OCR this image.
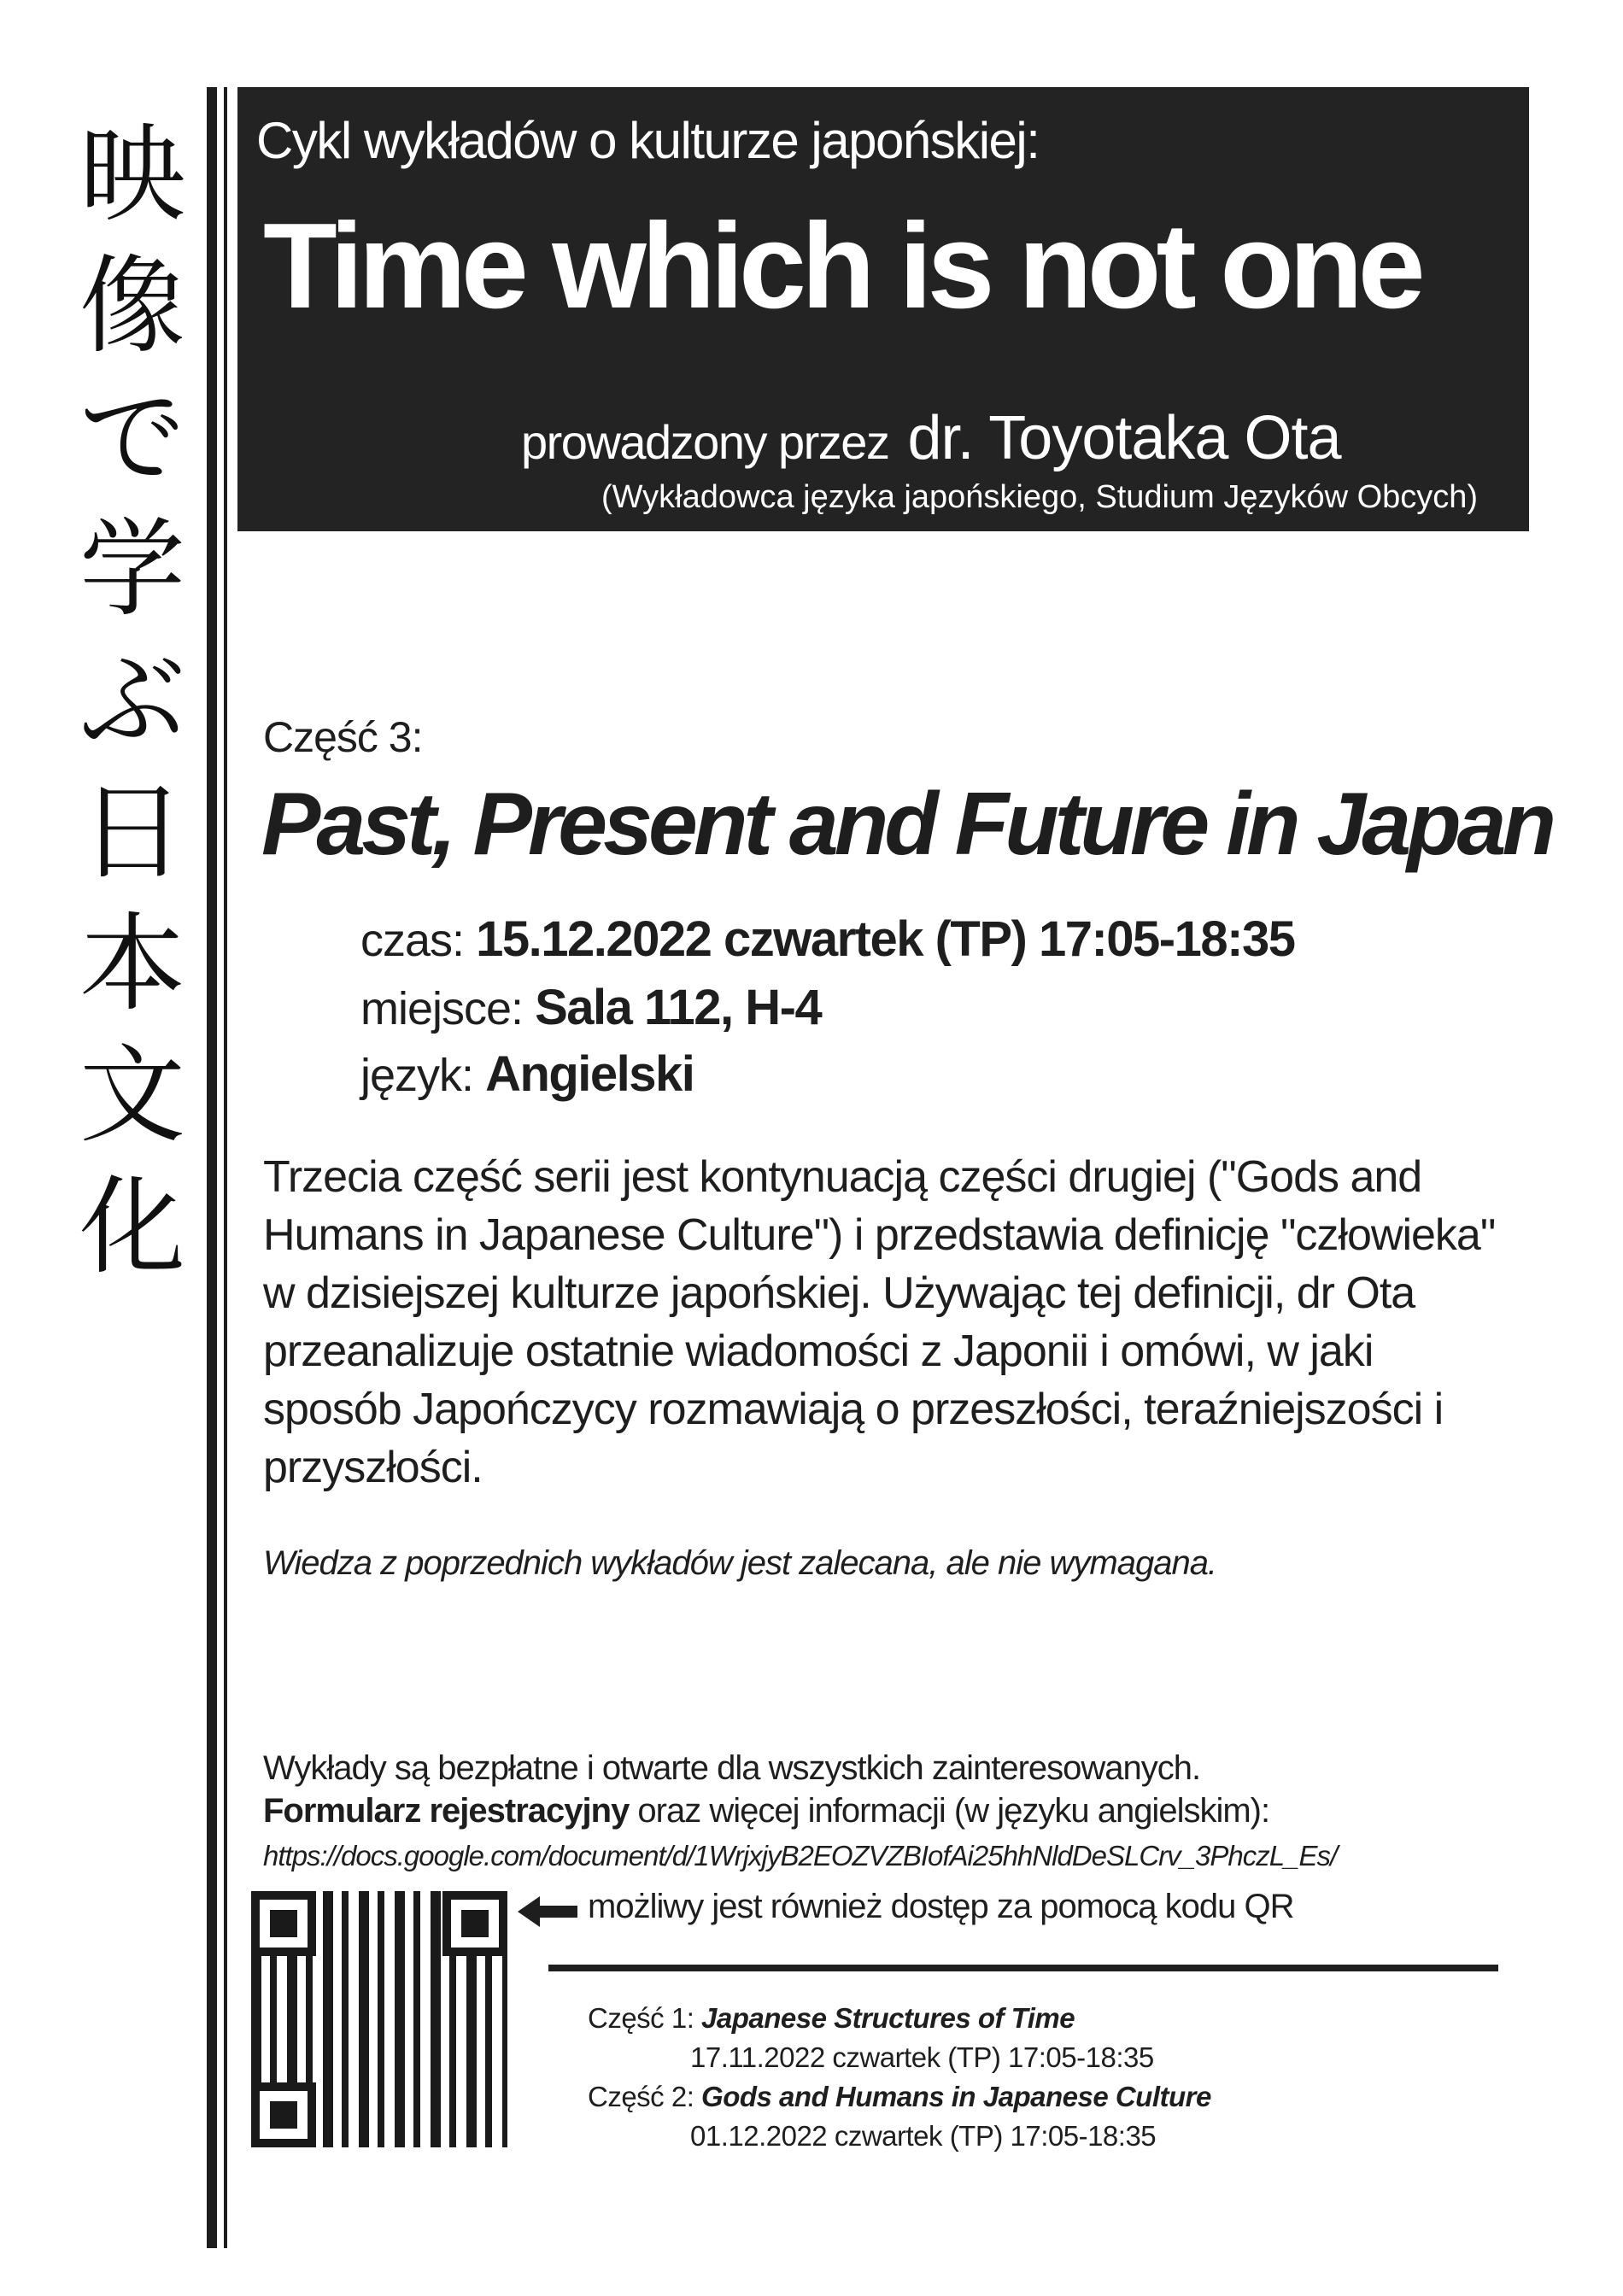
映
像
で
学
ぶ
日
本
文
化
Cykl wykładów o kulturze japońskiej:
Time which is not one
prowadzony przez dr. Toyotaka Ota
(Wykładowca języka japońskiego, Studium Języków Obcych)
Część 3:
Past, Present and Future in Japan
czas: 15.12.2022 czwartek (TP) 17:05-18:35
miejsce: Sala 112, H-4
język: Angielski

Trzecia część serii jest kontynuacją części drugiej ("Gods and

Humans in Japanese Culture") i przedstawia definicję "człowieka"

w dzisiejszej kulturze japońskiej. Używając tej definicji, dr Ota

przeanalizuje ostatnie wiadomości z Japonii i omówi, w jaki

sposób Japończycy rozmawiają o przeszłości, teraźniejszości i

przyszłości.

Wiedza z poprzednich wykładów jest zalecana, ale nie wymagana.
Wykłady są bezpłatne i otwarte dla wszystkich zainteresowanych.
Formularz rejestracyjny oraz więcej informacji (w języku angielskim):
https://docs.google.com/document/d/1WrjxjyB2EOZVZBIofAi25hhNldDeSLCrv_3PhczL_Es/
możliwy jest również dostęp za pomocą kodu QR
Część 1: Japanese Structures of Time
17.11.2022 czwartek (TP) 17:05-18:35
Część 2: Gods and Humans in Japanese Culture
01.12.2022 czwartek (TP) 17:05-18:35
